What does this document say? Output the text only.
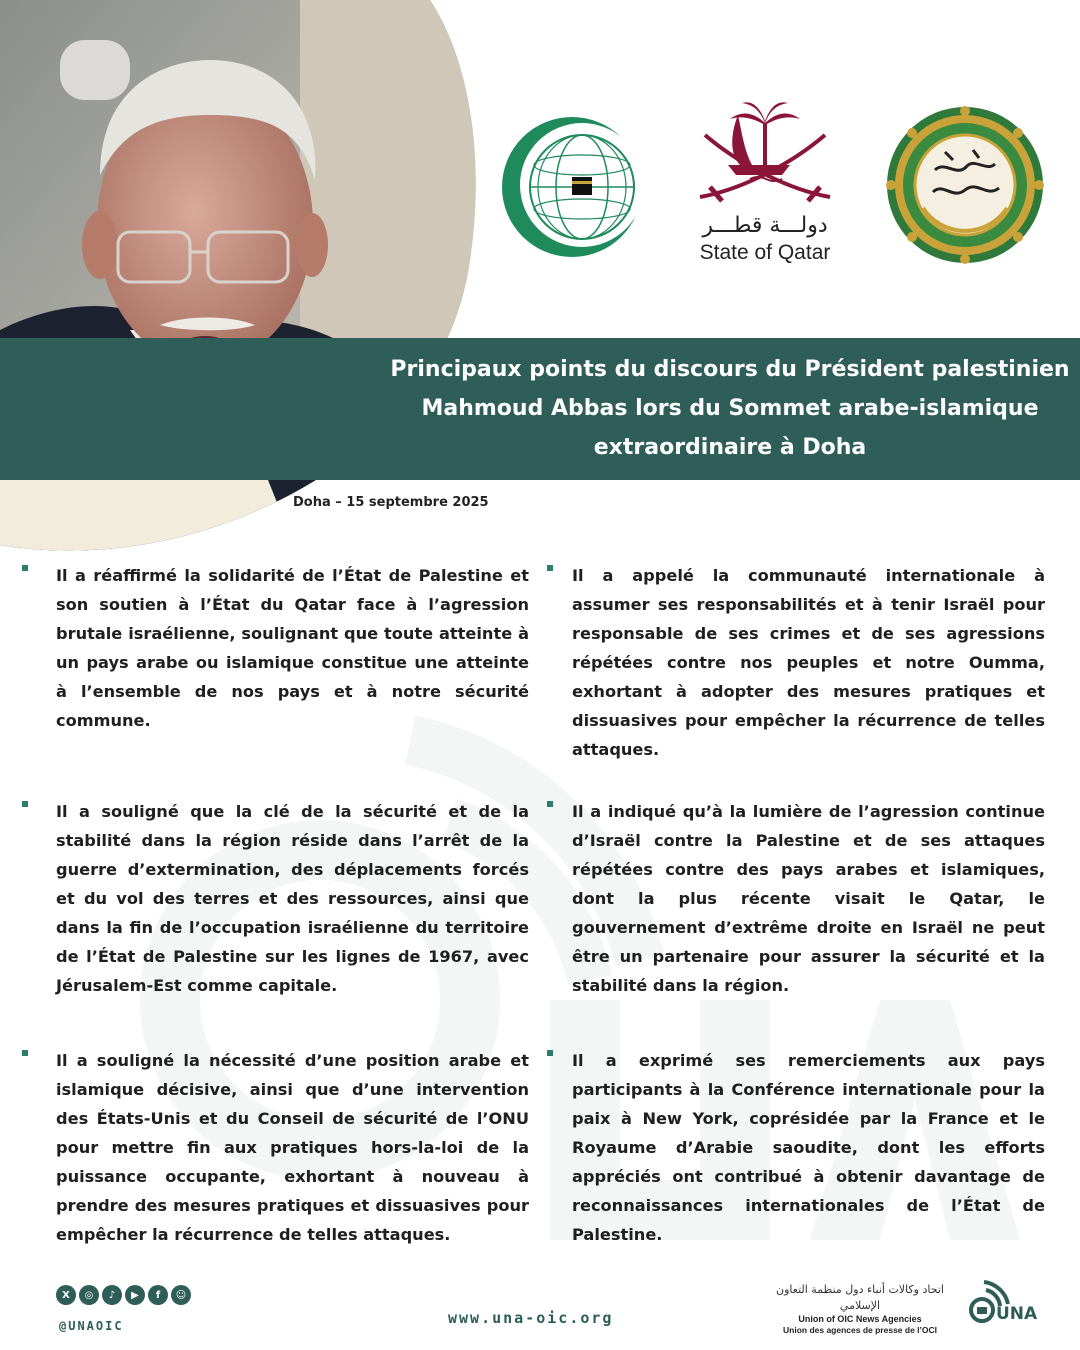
دولـــة قطـــر
State of Qatar
Principaux points du discours du Président palestinien Mahmoud Abbas lors du Sommet arabe-islamique extraordinaire à Doha
Doha – 15 septembre 2025
Il a réaffirmé la solidarité de l’État de Palestine et son soutien à l’État du Qatar face à l’agression brutale israélienne, soulignant que toute atteinte à un pays arabe ou islamique constitue une atteinte à l’ensemble de nos pays et à notre sécurité commune.
Il a appelé la communauté internationale à assumer ses responsabilités et à tenir Israël pour responsable de ses crimes et de ses agressions répétées contre nos peuples et notre Oumma, exhortant à adopter des mesures pratiques et dissuasives pour empêcher la récurrence de telles attaques.
Il a souligné que la clé de la sécurité et de la stabilité dans la région réside dans l’arrêt de la guerre d’extermination, des déplacements forcés et du vol des terres et des ressources, ainsi que dans la fin de l’occupation israélienne du territoire de l’État de Palestine sur les lignes de 1967, avec Jérusalem-Est comme capitale.
Il a indiqué qu’à la lumière de l’agression continue d’Israël contre la Palestine et de ses attaques répétées contre des pays arabes et islamiques, dont la plus récente visait le Qatar, le gouvernement d’extrême droite en Israël ne peut être un partenaire pour assurer la sécurité et la stabilité dans la région.
Il a souligné la nécessité d’une position arabe et islamique décisive, ainsi que d’une intervention des États-Unis et du Conseil de sécurité de l’ONU pour mettre fin aux pratiques hors-la-loi de la puissance occupante, exhortant à nouveau à prendre des mesures pratiques et dissuasives pour empêcher la récurrence de telles attaques.
Il a exprimé ses remerciements aux pays participants à la Conférence internationale pour la paix à New York, coprésidée par la France et le Royaume d’Arabie saoudite, dont les efforts appréciés ont contribué à obtenir davantage de reconnaissances internationales de l’État de Palestine.
X	◎	♪	▶	f	☺
@UNAOIC	www.una-oic.org
اتحاد وكالات أنباء دول منظمة التعاون الإسلامي
Union of OIC News Agencies
Union des agences de presse de l’OCI
UNA
